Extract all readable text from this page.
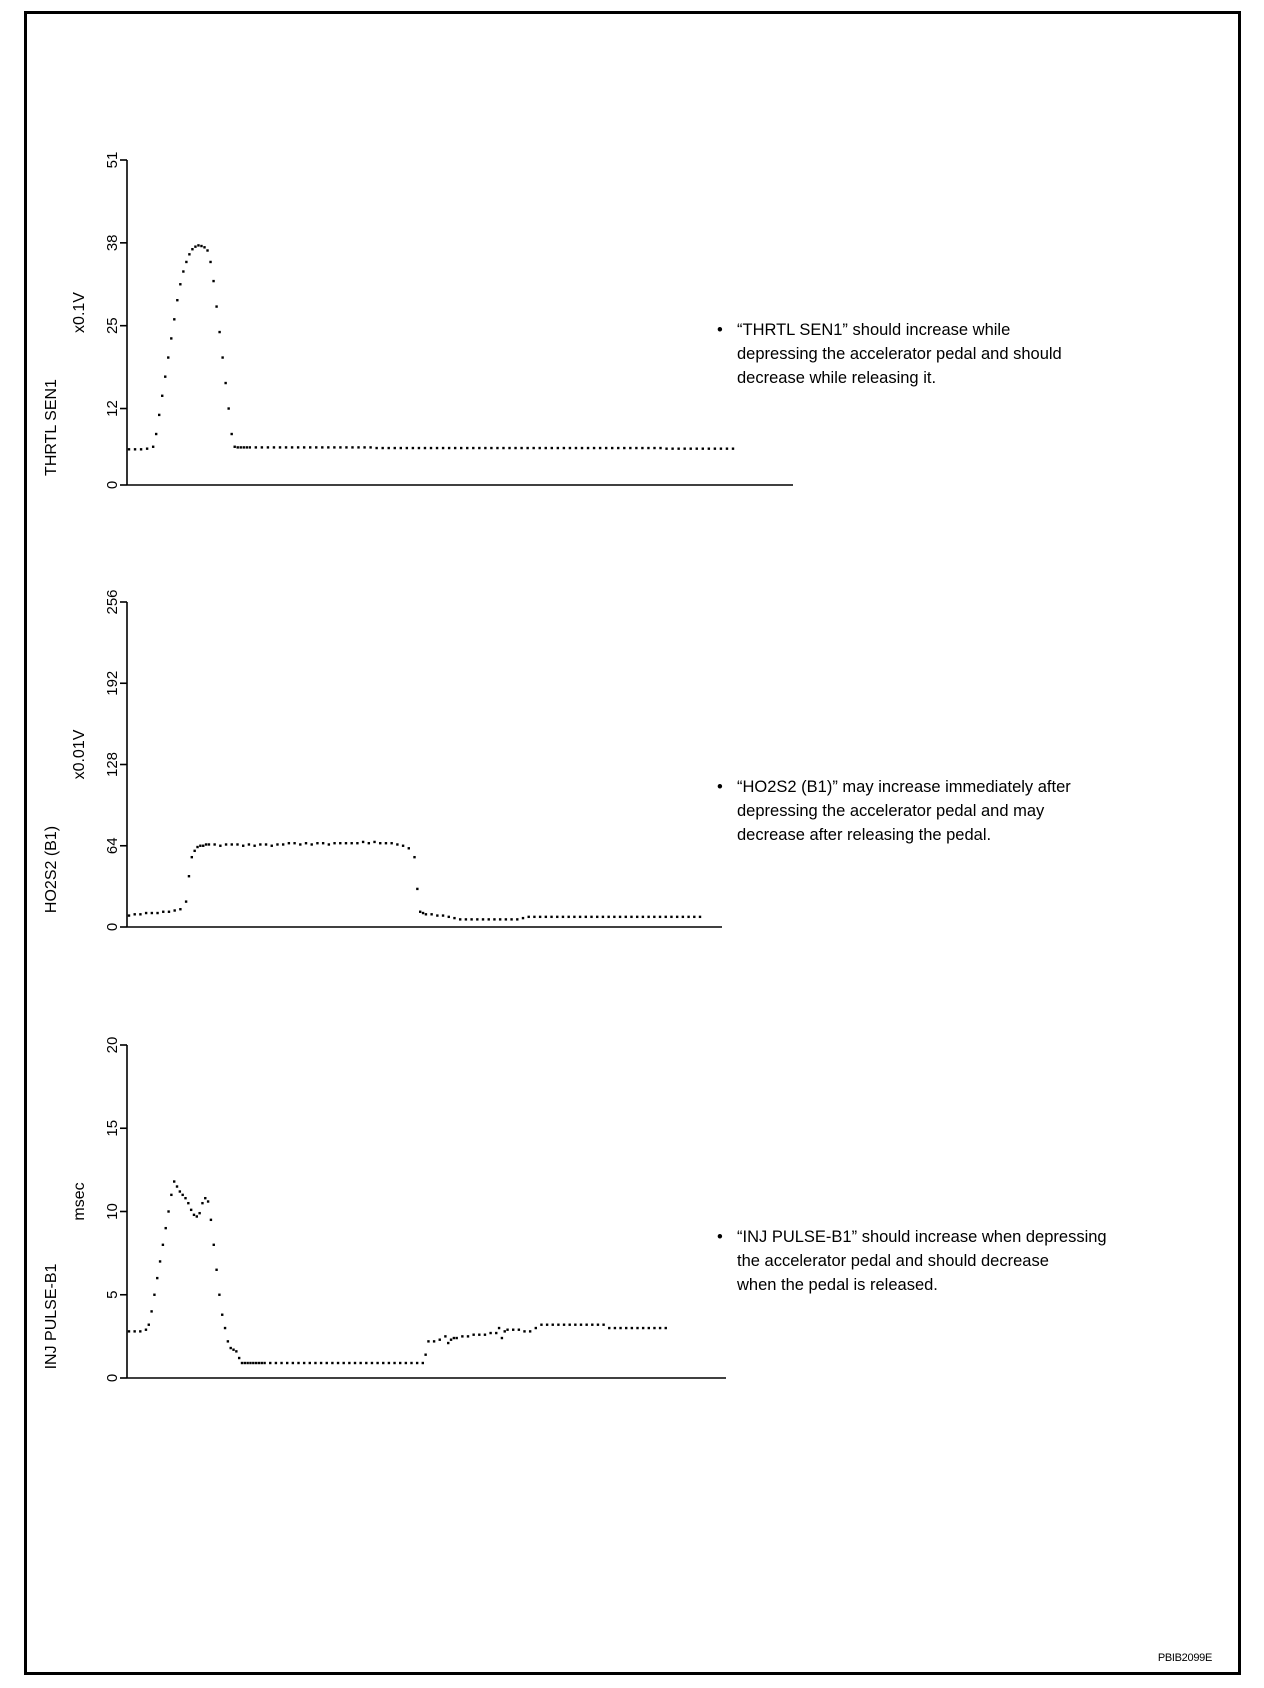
0
12
25
38
51
THRTL SEN1
x0.1V
0
64
128
192
256
HO2S2 (B1)
x0.01V
0
5
10
15
20
INJ PULSE-B1
msec
• “THRTL SEN1” should increase while
depressing the accelerator pedal and should
decrease while releasing it.
• “HO2S2 (B1)” may increase immediately after
depressing the accelerator pedal and may
decrease after releasing the pedal.
• “INJ PULSE-B1” should increase when depressing
the accelerator pedal and should decrease
when the pedal is released.
PBIB2099E
